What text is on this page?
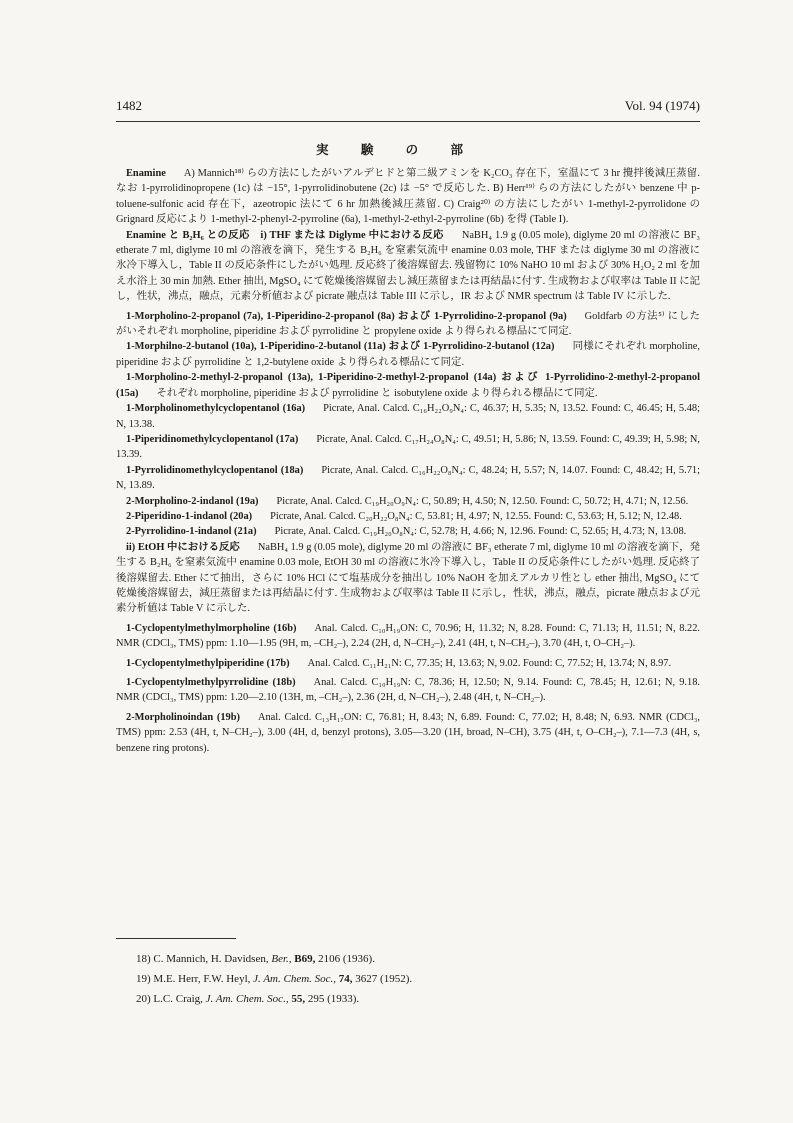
1482	Vol. 94 (1974)
実 験 の 部

Enamine A) Mannich¹⁸⁾ らの方法にしたがいアルデヒドと第二級アミンを K₂CO₃ 存在下，室温にて 3 hr 攪拌後減圧蒸留. なお 1-pyrrolidinopropene (1c) は −15°, 1-pyrrolidinobutene (2c) は −5° で反応した. B) Herr¹⁹⁾ らの方法にしたがい benzene 中 p-toluene-sulfonic acid 存在下，azeotropic 法にて 6 hr 加熱後減圧蒸留. C) Craig²⁰⁾ の方法にしたがい 1-methyl-2-pyrrolidone の Grignard 反応により 1-methyl-2-phenyl-2-pyrroline (6a), 1-methyl-2-ethyl-2-pyrroline (6b) を得 (Table I).

Enamine と B₂H₆ との反応　i) THF または Diglyme 中における反応 NaBH₄ 1.9 g (0.05 mole), diglyme 20 ml の溶液に BF₃ etherate 7 ml, diglyme 10 ml の溶液を滴下，発生する B₂H₆ を窒素気流中 enamine 0.03 mole, THF または diglyme 30 ml の溶液に氷冷下導入し，Table II の反応条件にしたがい処理. 反応終了後溶媒留去. 残留物に 10% NaHO 10 ml および 30% H₂O₂ 2 ml を加え水浴上 30 min 加熱. Ether 抽出, MgSO₄ にて乾燥後溶媒留去し減圧蒸留または再結晶に付す. 生成物および収率は Table II に記し，性状，沸点，融点，元素分析値および picrate 融点は Table III に示し，IR および NMR spectrum は Table IV に示した.

1-Morpholino-2-propanol (7a), 1-Piperidino-2-propanol (8a) および 1-Pyrrolidino-2-propanol (9a) Goldfarb の方法⁵⁾ にしたがいそれぞれ morpholine, piperidine および pyrrolidine と propylene oxide より得られる標品にて同定.

1-Morphilno-2-butanol (10a), 1-Piperidino-2-butanol (11a) および 1-Pyrrolidino-2-butanol (12a) 同様にそれぞれ morpholine, piperidine および pyrrolidine と 1,2-butylene oxide より得られる標品にて同定.

1-Morpholino-2-methyl-2-propanol (13a), 1-Piperidino-2-methyl-2-propanol (14a) および 1-Pyrrolidino-2-methyl-2-propanol (15a) それぞれ morpholine, piperidine および pyrrolidine と isobutylene oxide より得られる標品にて同定.

1-Morpholinomethylcyclopentanol (16a) Picrate, Anal. Calcd. C₁₆H₂₂O₉N₄: C, 46.37; H, 5.35; N, 13.52. Found: C, 46.45; H, 5.48; N, 13.38.

1-Piperidinomethylcyclopentanol (17a) Picrate, Anal. Calcd. C₁₇H₂₄O₈N₄: C, 49.51; H, 5.86; N, 13.59. Found: C, 49.39; H, 5.98; N, 13.39.

1-Pyrrolidinomethylcyclopentanol (18a) Picrate, Anal. Calcd. C₁₆H₂₂O₈N₄: C, 48.24; H, 5.57; N, 14.07. Found: C, 48.42; H, 5.71; N, 13.89.

2-Morpholino-2-indanol (19a) Picrate, Anal. Calcd. C₁₉H₂₀O₉N₄: C, 50.89; H, 4.50; N, 12.50. Found: C, 50.72; H, 4.71; N, 12.56.

2-Piperidino-1-indanol (20a) Picrate, Anal. Calcd. C₂₀H₂₂O₈N₄: C, 53.81; H, 4.97; N, 12.55. Found: C, 53.63; H, 5.12; N, 12.48.

2-Pyrrolidino-1-indanol (21a) Picrate, Anal. Calcd. C₁₉H₂₀O₈N₄: C, 52.78; H, 4.66; N, 12.96. Found: C, 52.65; H, 4.73; N, 13.08.

ii) EtOH 中における反応 NaBH₄ 1.9 g (0.05 mole), diglyme 20 ml の溶液に BF₃ etherate 7 ml, diglyme 10 ml の溶液を滴下，発生する B₂H₆ を窒素気流中 enamine 0.03 mole, EtOH 30 ml の溶液に氷冷下導入し，Table II の反応条件にしたがい処理. 反応終了後溶媒留去. Ether にて抽出，さらに 10% HCl にて塩基成分を抽出し 10% NaOH を加えアルカリ性とし ether 抽出, MgSO₄ にて乾燥後溶媒留去，減圧蒸留または再結晶に付す. 生成物および収率は Table II に示し，性状，沸点，融点，picrate 融点および元素分析値は Table V に示した.

1-Cyclopentylmethylmorpholine (16b) Anal. Calcd. C₁₀H₁₉ON: C, 70.96; H, 11.32; N, 8.28. Found: C, 71.13; H, 11.51; N, 8.22. NMR (CDCl₃, TMS) ppm: 1.10—1.95 (9H, m, –CH₂–), 2.24 (2H, d, N–CH₂–), 2.41 (4H, t, N–CH₂–), 3.70 (4H, t, O–CH₂–).

1-Cyclopentylmethylpiperidine (17b) Anal. Calcd. C₁₁H₂₁N: C, 77.35; H, 13.63; N, 9.02. Found: C, 77.52; H, 13.74; N, 8.97.

1-Cyclopentylmethylpyrrolidine (18b) Anal. Calcd. C₁₀H₁₉N: C, 78.36; H, 12.50; N, 9.14. Found: C, 78.45; H, 12.61; N, 9.18. NMR (CDCl₃, TMS) ppm: 1.20—2.10 (13H, m, –CH₂–), 2.36 (2H, d, N–CH₂–), 2.48 (4H, t, N–CH₂–).

2-Morpholinoindan (19b) Anal. Calcd. C₁₃H₁₇ON: C, 76.81; H, 8.43; N, 6.89. Found: C, 77.02; H, 8.48; N, 6.93. NMR (CDCl₃, TMS) ppm: 2.53 (4H, t, N–CH₂–), 3.00 (4H, d, benzyl protons), 3.05—3.20 (1H, broad, N–CH), 3.75 (4H, t, O–CH₂–), 7.1—7.3 (4H, s, benzene ring protons).

18) C. Mannich, H. Davidsen, Ber., B69, 2106 (1936).
19) M.E. Herr, F.W. Heyl, J. Am. Chem. Soc., 74, 3627 (1952).
20) L.C. Craig, J. Am. Chem. Soc., 55, 295 (1933).
